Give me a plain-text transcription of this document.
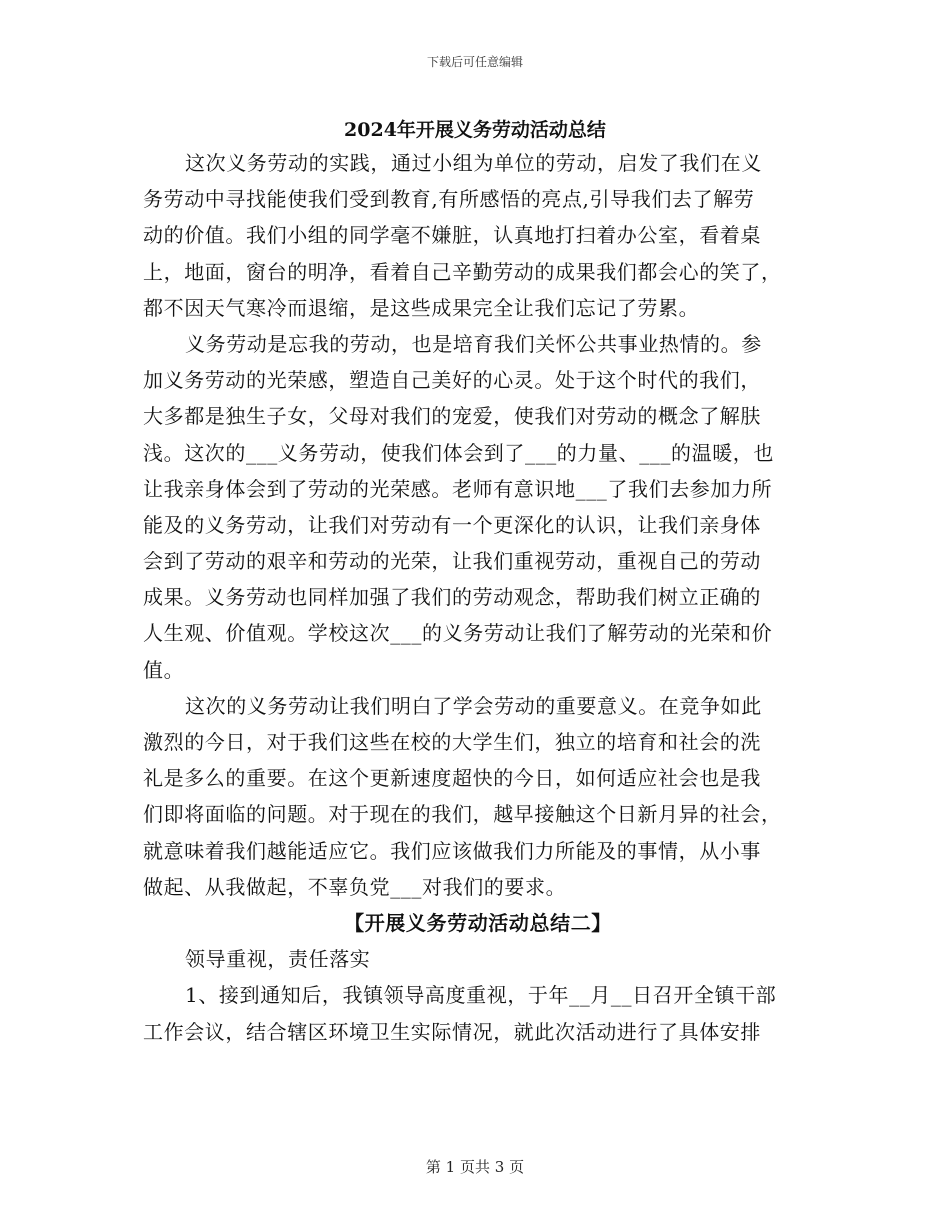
下载后可任意编辑
2024年开展义务劳动活动总结
这次义务劳动的实践，通过小组为单位的劳动，启发了我们在义
务劳动中寻找能使我们受到教育,有所感悟的亮点,引导我们去了解劳
动的价值。我们小组的同学毫不嫌脏，认真地打扫着办公室，看着桌
上，地面，窗台的明净，看着自己辛勤劳动的成果我们都会心的笑了，
都不因天气寒冷而退缩，是这些成果完全让我们忘记了劳累。
义务劳动是忘我的劳动，也是培育我们关怀公共事业热情的。参
加义务劳动的光荣感，塑造自己美好的心灵。处于这个时代的我们，
大多都是独生子女，父母对我们的宠爱，使我们对劳动的概念了解肤
浅。这次的___义务劳动，使我们体会到了___的力量、___的温暖，也
让我亲身体会到了劳动的光荣感。老师有意识地___了我们去参加力所
能及的义务劳动，让我们对劳动有一个更深化的认识，让我们亲身体
会到了劳动的艰辛和劳动的光荣，让我们重视劳动，重视自己的劳动
成果。义务劳动也同样加强了我们的劳动观念，帮助我们树立正确的
人生观、价值观。学校这次___的义务劳动让我们了解劳动的光荣和价
值。
这次的义务劳动让我们明白了学会劳动的重要意义。在竞争如此
激烈的今日，对于我们这些在校的大学生们，独立的培育和社会的洗
礼是多么的重要。在这个更新速度超快的今日，如何适应社会也是我
们即将面临的问题。对于现在的我们，越早接触这个日新月异的社会，
就意味着我们越能适应它。我们应该做我们力所能及的事情，从小事
做起、从我做起，不辜负党___对我们的要求。
【开展义务劳动活动总结二】
领导重视，责任落实
1、接到通知后，我镇领导高度重视，于年__月__日召开全镇干部
工作会议，结合辖区环境卫生实际情况，就此次活动进行了具体安排
第 1 页共 3 页
